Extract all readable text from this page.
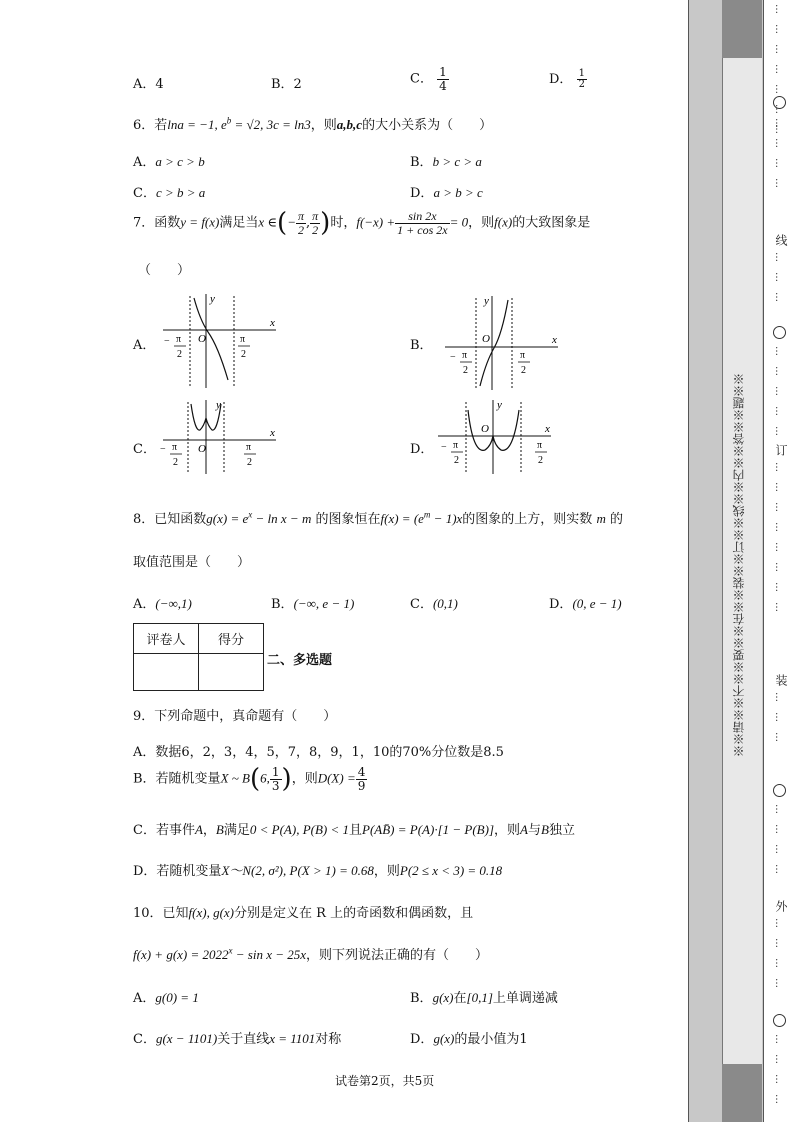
A．4	B．2	C． $\frac{1}{4}$	D． $\frac{1}{2}$
6．若lna = −1, $e^b = √2$, 3c = ln3，则a,b,c的大小关系为（　　）
A．a > c > b	B．b > c > a
C．c > b > a	D．a > b > c
7．函数y = f(x)满足当x ∈(− $\frac{\pi}{2}$ , $\frac{\pi}{2}$ )时，$f(-x) + \frac{\sin 2x}{1 + \cos 2x} = 0$，则f(x)的大致图象是
（　　）
A．	B．
C．	D．
x
y
O
− π
2
π
2
x
y
O
− π
2
π
2
x
y
O
− π
2
π
2
x
y
O
− π
2
π
2
8．已知函数$g(x) = e^x - \ln x - m$ 的图象恒在$f(x) = (e^m - 1)x$的图象的上方，则实数 m 的
取值范围是（　　）
A．(−∞,1)	B．(−∞, e − 1)	C．(0,1)	D．(0, e − 1)
评卷人	得分

二、多选题
9．下列命题中，真命题有（　　）
A．数据6，2，3，4，5，7，8，9，1，10的70%分位数是8.5
B．若随机变量X ~ B(6, $\frac{1}{3}$ )，则$D(X) = \frac{4}{9}$
C．若事件A，B满足0 < P(A), P(B) < 1且P(AB̄) = P(A)·[1 − P(B)]，则A与B独立
D．若随机变量X～N(2, σ²), P(X > 1) = 0.68，则P(2 ≤ x < 3) = 0.18
10．已知f(x), g(x)分别是定义在 R 上的奇函数和偶函数，且
$f(x) + g(x) = 2022^x - \sin x - 25x$，则下列说法正确的有（　　）
A．g(0) = 1	B．g(x)在[0,1]上单调递减
C．g(x − 1101)关于直线x = 1101对称	D．g(x)的最小值为1
试卷第2页，共5页
※※请※※不※※要※※在※※装※※订※※线※※内※※答※※题※※
…　…　…　…　…　…　…
…　…　…　…
线
…　…　…
…　…　…　…　…
订
…　…　…　…　…　…　…　…
装
…　…　…
…　…　…　…
外
…　…　…　…
…　…　…　…
